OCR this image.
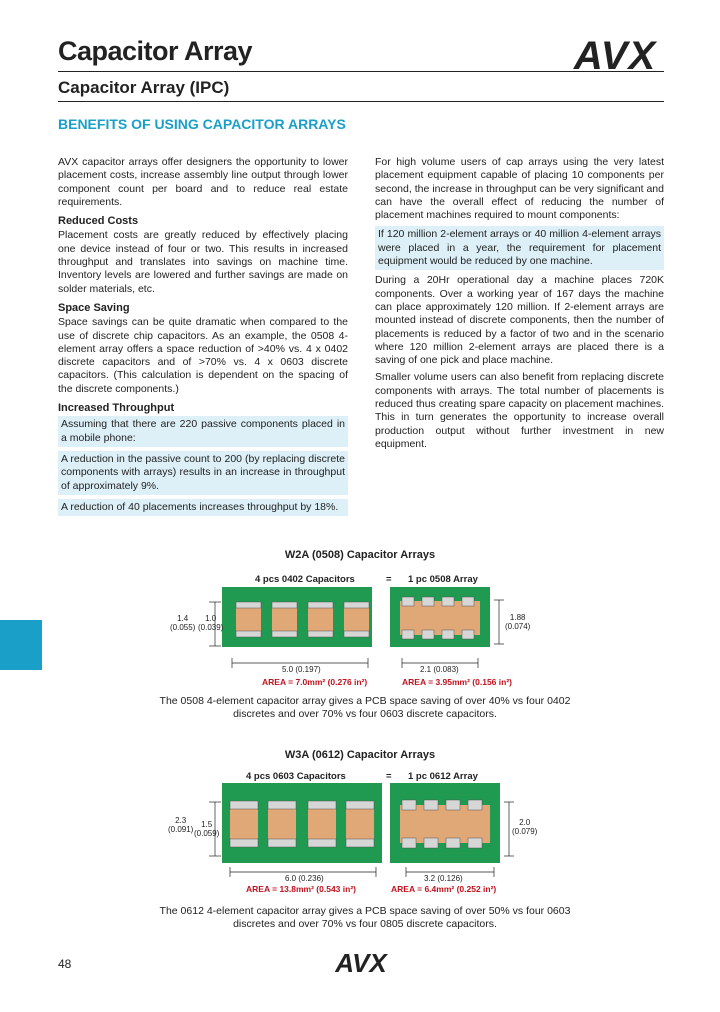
Capacitor Array
Capacitor Array (IPC)
AVX
BENEFITS OF USING CAPACITOR ARRAYS

AVX capacitor arrays offer designers the opportunity to lower placement costs, increase assembly line output through lower component count per board and to reduce real estate requirements.

Reduced Costs

Placement costs are greatly reduced by effectively placing one device instead of four or two. This results in increased throughput and translates into savings on machine time. Inventory levels are lowered and further savings are made on solder materials, etc.

Space Saving

Space savings can be quite dramatic when compared to the use of discrete chip capacitors. As an example, the 0508 4-element array offers a space reduction of >40% vs. 4 x 0402 discrete capacitors and of >70% vs. 4 x 0603 discrete capacitors. (This calculation is dependent on the spacing of the discrete components.)

Increased Throughput

Assuming that there are 220 passive components placed in a mobile phone:

A reduction in the passive count to 200 (by replacing discrete components with arrays) results in an increase in throughput of approximately 9%.

A reduction of 40 placements increases throughput by 18%.

For high volume users of cap arrays using the very latest placement equipment capable of placing 10 components per second, the increase in throughput can be very significant and can have the overall effect of reducing the number of placement machines required to mount components:

If 120 million 2-element arrays or 40 million 4-element arrays were placed in a year, the requirement for placement equipment would be reduced by one machine.

During a 20Hr operational day a machine places 720K components. Over a working year of 167 days the machine can place approximately 120 million. If 2-element arrays are mounted instead of discrete components, then the number of placements is reduced by a factor of two and in the scenario where 120 million 2-element arrays are placed there is a saving of one pick and place machine.

Smaller volume users can also benefit from replacing discrete components with arrays. The total number of placements is reduced thus creating spare capacity on placement machines. This in turn generates the opportunity to increase overall production output without further investment in new equipment.

W2A (0508) Capacitor Arrays
4 pcs 0402 Capacitors	= 1 pc 0508 Array
1.4
(0.055)
1.0
(0.039)
5.0 (0.197)
AREA = 7.0mm² (0.276 in²)
1.88
(0.074)
2.1 (0.083)
AREA = 3.95mm² (0.156 in²)
The 0508 4-element capacitor array gives a PCB space saving of over 40% vs four 0402 discretes and over 70% vs four 0603 discrete capacitors.
W3A (0612) Capacitor Arrays
4 pcs 0603 Capacitors	= 1 pc 0612 Array
2.3
(0.091)
1.5
(0.059)
6.0 (0.236)
AREA = 13.8mm² (0.543 in²)
2.0
(0.079)
3.2 (0.126)
AREA = 6.4mm² (0.252 in²)
The 0612 4-element capacitor array gives a PCB space saving of over 50% vs four 0603 discretes and over 70% vs four 0805 discrete capacitors.
48	AVX
